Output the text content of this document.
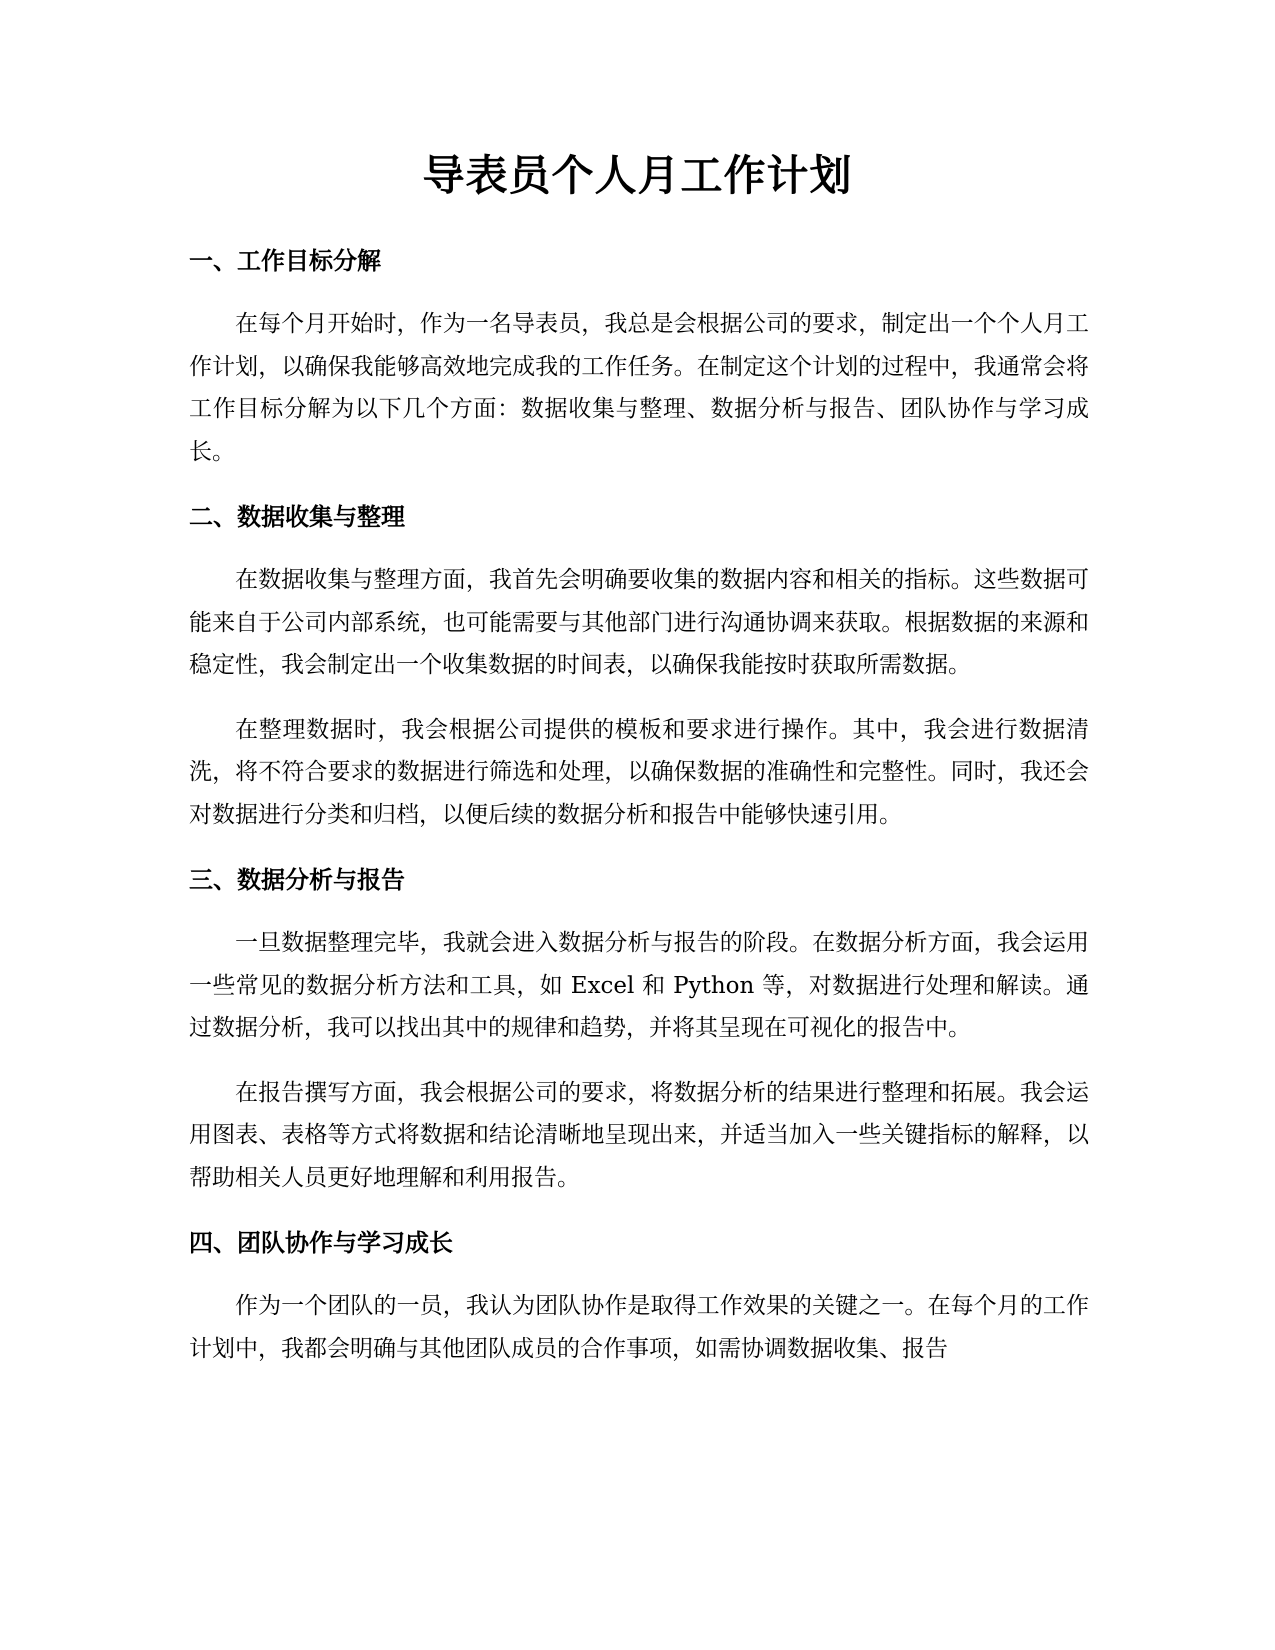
导表员个人月工作计划
一、工作目标分解

在每个月开始时，作为一名导表员，我总是会根据公司的要求，制定出一个个人月工作计划，以确保我能够高效地完成我的工作任务。在制定这个计划的过程中，我通常会将工作目标分解为以下几个方面：数据收集与整理、数据分析与报告、团队协作与学习成长。

二、数据收集与整理

在数据收集与整理方面，我首先会明确要收集的数据内容和相关的指标。这些数据可能来自于公司内部系统，也可能需要与其他部门进行沟通协调来获取。根据数据的来源和稳定性，我会制定出一个收集数据的时间表，以确保我能按时获取所需数据。

在整理数据时，我会根据公司提供的模板和要求进行操作。其中，我会进行数据清洗，将不符合要求的数据进行筛选和处理，以确保数据的准确性和完整性。同时，我还会对数据进行分类和归档，以便后续的数据分析和报告中能够快速引用。

三、数据分析与报告

一旦数据整理完毕，我就会进入数据分析与报告的阶段。在数据分析方面，我会运用一些常见的数据分析方法和工具，如 Excel 和 Python 等，对数据进行处理和解读。通过数据分析，我可以找出其中的规律和趋势，并将其呈现在可视化的报告中。

在报告撰写方面，我会根据公司的要求，将数据分析的结果进行整理和拓展。我会运用图表、表格等方式将数据和结论清晰地呈现出来，并适当加入一些关键指标的解释，以帮助相关人员更好地理解和利用报告。

四、团队协作与学习成长

作为一个团队的一员，我认为团队协作是取得工作效果的关键之一。在每个月的工作计划中，我都会明确与其他团队成员的合作事项，如需协调数据收集、报告
